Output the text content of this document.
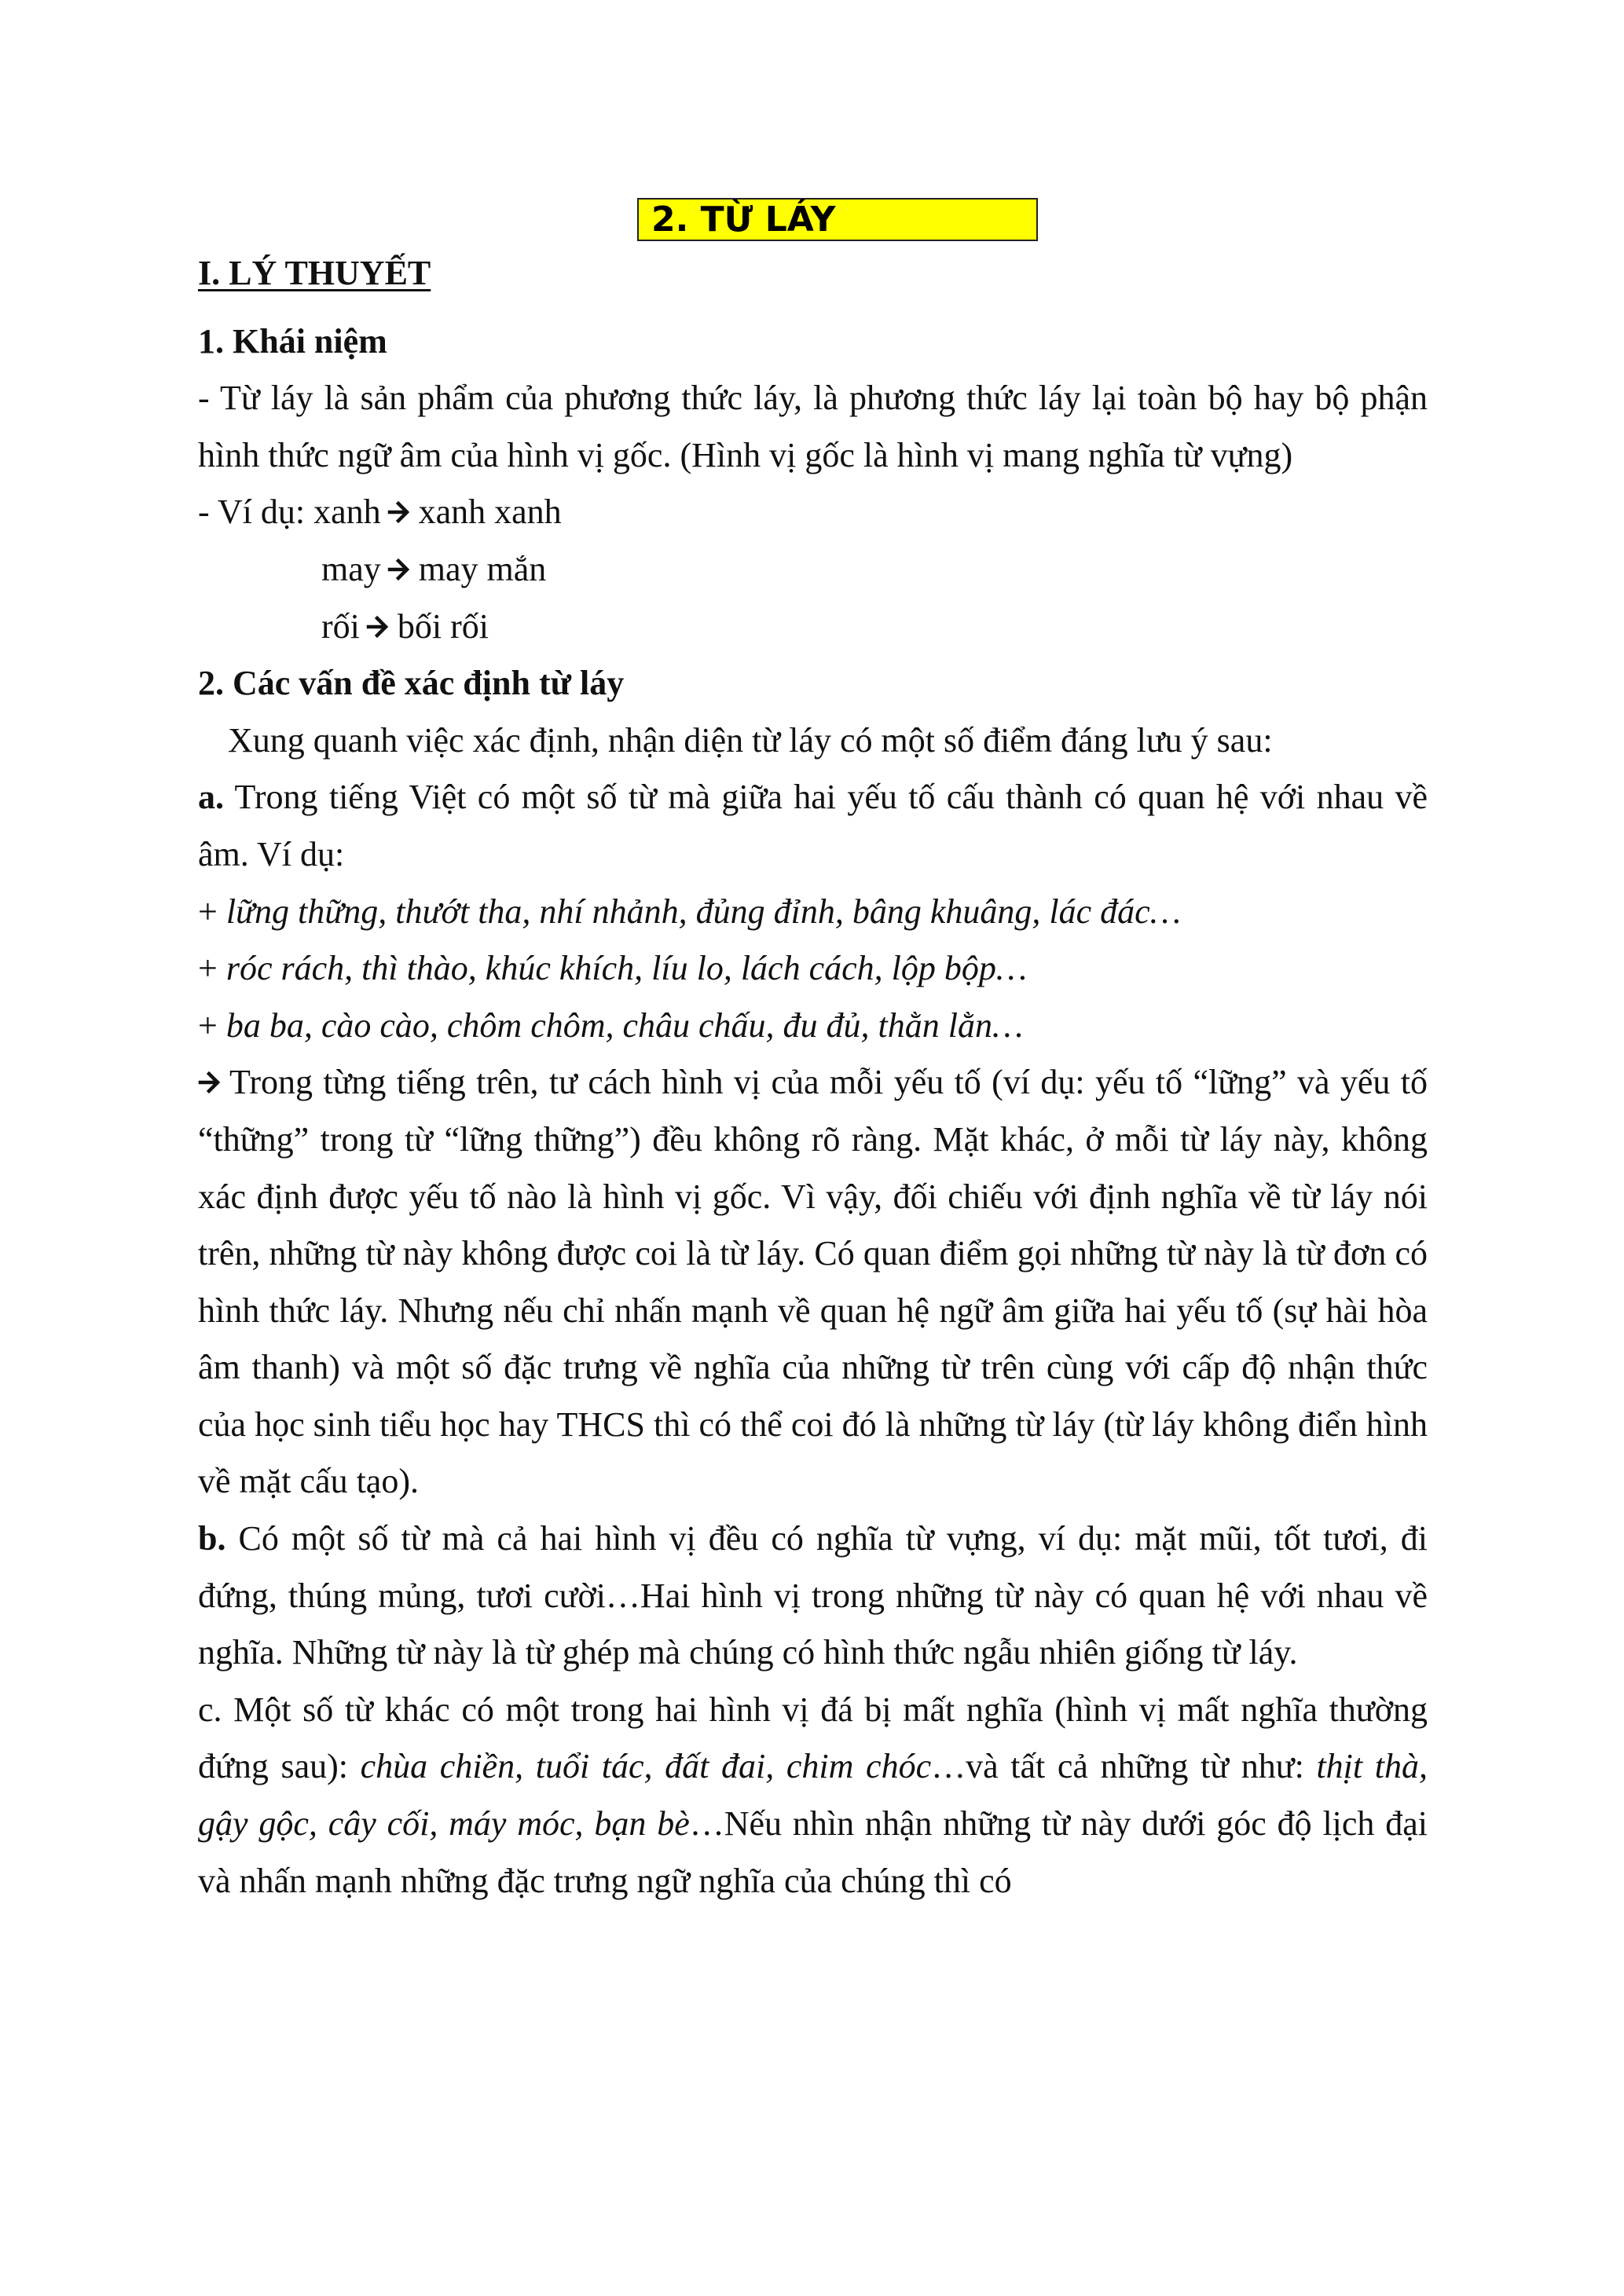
2. TỪ LÁY

I. LÝ THUYẾT

1. Khái niệm

- Từ láy là sản phẩm của phương thức láy, là phương thức láy lại toàn bộ hay bộ phận hình thức ngữ âm của hình vị gốc. (Hình vị gốc là hình vị mang nghĩa từ vựng)

- Ví dụ: xanh xanh xanh

may may mắn

rối bối rối

2. Các vấn đề xác định từ láy

Xung quanh việc xác định, nhận diện từ láy có một số điểm đáng lưu ý sau:

a. Trong tiếng Việt có một số từ mà giữa hai yếu tố cấu thành có quan hệ với nhau về âm. Ví dụ:

+ lững thững, thướt tha, nhí nhảnh, đủng đỉnh, bâng khuâng, lác đác…

+ róc rách, thì thào, khúc khích, líu lo, lách cách, lộp bộp…

+ ba ba, cào cào, chôm chôm, châu chấu, đu đủ, thằn lằn…

Trong từng tiếng trên, tư cách hình vị của mỗi yếu tố (ví dụ: yếu tố “lững” và yếu tố “thững” trong từ “lững thững”) đều không rõ ràng. Mặt khác, ở mỗi từ láy này, không xác định được yếu tố nào là hình vị gốc. Vì vậy, đối chiếu với định nghĩa về từ láy nói trên, những từ này không được coi là từ láy. Có quan điểm gọi những từ này là từ đơn có hình thức láy. Nhưng nếu chỉ nhấn mạnh về quan hệ ngữ âm giữa hai yếu tố (sự hài hòa âm thanh) và một số đặc trưng về nghĩa của những từ trên cùng với cấp độ nhận thức của học sinh tiểu học hay THCS thì có thể coi đó là những từ láy (từ láy không điển hình về mặt cấu tạo).

b. Có một số từ mà cả hai hình vị đều có nghĩa từ vựng, ví dụ: mặt mũi, tốt tươi, đi đứng, thúng mủng, tươi cười…Hai hình vị trong những từ này có quan hệ với nhau về nghĩa. Những từ này là từ ghép mà chúng có hình thức ngẫu nhiên giống từ láy.

c. Một số từ khác có một trong hai hình vị đá bị mất nghĩa (hình vị mất nghĩa thường đứng sau): chùa chiền, tuổi tác, đất đai, chim chóc…và tất cả những từ như: thịt thà, gậy gộc, cây cối, máy móc, bạn bè…Nếu nhìn nhận những từ này dưới góc độ lịch đại và nhấn mạnh những đặc trưng ngữ nghĩa của chúng thì có
